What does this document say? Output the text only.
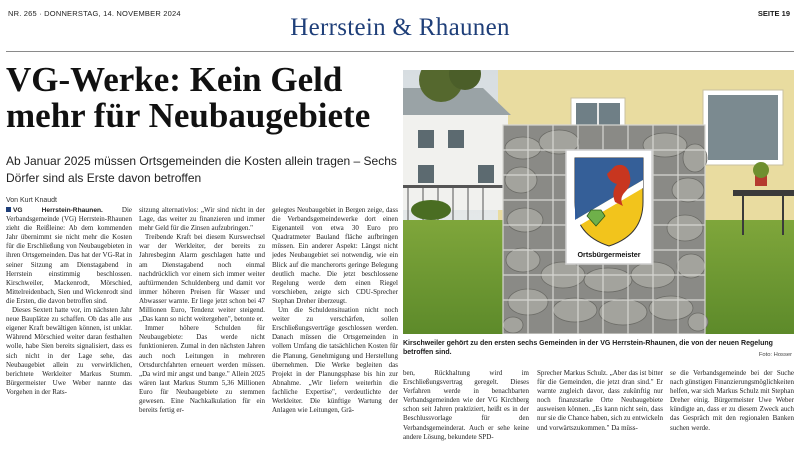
NR. 265 · DONNERSTAG, 14. NOVEMBER 2024
Herrstein & Rhaunen
SEITE 19
VG-Werke: Kein Geld
mehr für Neubaugebiete

Ab Januar 2025 müssen Ortsgemeinden die Kosten allein tragen – Sechs Dörfer sind als Erste davon betroffen

Von Kurt Knaudt

VG Herrstein-Rhaunen. Die Verbandsgemeinde (VG) Herrstein-Rhaunen zieht die Reißleine: Ab dem kommenden Jahr übernimmt sie nicht mehr die Kosten für die Erschließung von Neubaugebieten in ihren Ortsgemeinden. Das hat der VG-Rat in seiner Sitzung am Dienstagabend in Herrstein einstimmig beschlossen. Kirschweiler, Mackenrodt, Mörschied, Mittelreidenbach, Sien und Wickenrodt sind die Ersten, die davon betroffen sind.

Dieses Sextett hatte vor, im nächsten Jahr neue Bauplätze zu schaffen. Ob das alle aus eigener Kraft bewältigen können, ist unklar. Während Mörschied weiter daran festhalten wolle, habe Sien bereits signalisiert, dass es sich nicht in der Lage sehe, das Neubaugebiet allein zu verwirklichen, berichtete Werkleiter Markus Stumm. Bürgermeister Uwe Weber nannte das Vorgehen in der Rats-

sitzung alternativlos: „Wir sind nicht in der Lage, das weiter zu finanzieren und immer mehr Geld für die Zinsen aufzubringen."

Treibende Kraft bei diesem Kurswechsel war der Werkleiter, der bereits zu Jahresbeginn Alarm geschlagen hatte und am Dienstagabend noch einmal nachdrücklich vor einem sich immer weiter auftürmenden Schuldenberg und damit vor immer höheren Preisen für Wasser und Abwasser warnte. Er liege jetzt schon bei 47 Millionen Euro, Tendenz weiter steigend. „Das kann so nicht weitergehen", betonte er.

Immer höhere Schulden für Neubaugebiete: Das werde nicht funktionieren. Zumal in den nächsten Jahren auch noch Leitungen in mehreren Ortsdurchfahrten erneuert werden müssen. „Da wird mir angst und bange." Allein 2025 wären laut Markus Stumm 5,36 Millionen Euro für Neubaugebiete zu stemmen gewesen. Eine Nachkalkulation für ein bereits fertig er-

gelegtes Neubaugebiet in Bergen zeige, dass die Verbandsgemeindewerke dort einen Eigenanteil von etwa 30 Euro pro Quadratmeter Bauland fläche aufbringen müssen. Ein anderer Aspekt: Längst nicht jedes Neubaugebiet sei notwendig, wie ein Blick auf die mancherorts geringe Belegung deutlich mache. Die jetzt beschlossene Regelung werde dem einen Riegel vorschieben, zeigte sich CDU-Sprecher Stephan Dreher überzeugt.

Um die Schuldensituation nicht noch weiter zu verschärfen, sollen Erschließungsverträge geschlossen werden. Danach müssen die Ortsgemeinden in vollem Umfang die tatsächlichen Kosten für die Planung, Genehmigung und Herstellung übernehmen. Die Werke begleiten das Projekt in der Planungsphase bis hin zur Abnahme. „Wir liefern weiterhin die fachliche Expertise", verdeutlichte der Werkleiter. Die künftige Wartung der Anlagen wie Leitungen, Grä-

Ortsbürgermeister

Kirschweiler gehört zu den ersten sechs Gemeinden in der VG Herrstein-Rhaunen, die von der neuen Regelung betroffen sind.	Foto: Hosser

ben, Rückhaltung wird im Erschließungsvertrag geregelt. Dieses Verfahren werde in benachbarten Verbandsgemeinden wie der VG Kirchberg schon seit Jahren praktiziert, heißt es in der Beschlussvorlage für den Verbandsgemeinderat. Auch er sehe keine andere Lösung, bekundete SPD-

Sprecher Markus Schulz. „Aber das ist bitter für die Gemeinden, die jetzt dran sind." Er warnte zugleich davor, dass zukünftig nur noch finanzstarke Orte Neubaugebiete ausweisen können. „Es kann nicht sein, dass nur sie die Chance haben, sich zu entwickeln und vorwärtszukommen." Da müss-

se die Verbandsgemeinde bei der Suche nach günstigen Finanzierungsmöglichkeiten helfen, war sich Markus Schulz mit Stephan Dreher einig. Bürgermeister Uwe Weber kündigte an, dass er zu diesem Zweck auch das Gespräch mit den regionalen Banken suchen werde.
